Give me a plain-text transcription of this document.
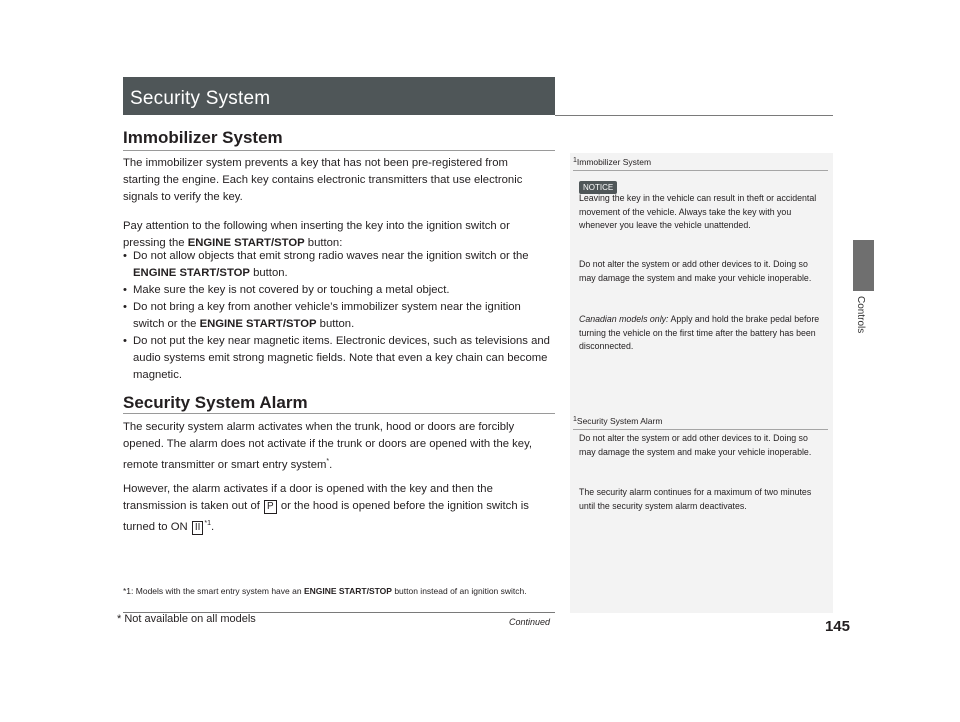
Security System
Controls
Immobilizer System

The immobilizer system prevents a key that has not been pre-registered from starting the engine. Each key contains electronic transmitters that use electronic signals to verify the key.

Pay attention to the following when inserting the key into the ignition switch or pressing the ENGINE START/STOP button:

• Do not allow objects that emit strong radio waves near the ignition switch or the ENGINE START/STOP button.
• Make sure the key is not covered by or touching a metal object.
• Do not bring a key from another vehicle’s immobilizer system near the ignition switch or the ENGINE START/STOP button.
• Do not put the key near magnetic items. Electronic devices, such as televisions and audio systems emit strong magnetic fields. Note that even a key chain can become magnetic.
Security System Alarm

The security system alarm activates when the trunk, hood or doors are forcibly opened. The alarm does not activate if the trunk or doors are opened with the key, remote transmitter or smart entry system*.

However, the alarm activates if a door is opened with the key and then the transmission is taken out of P or the hood is opened before the ignition switch is turned to ON II $^{*1}$.

*1: Models with the smart entry system have an ENGINE START/STOP button instead of an ignition switch.

$^1$Immobilizer System
NOTICE

Leaving the key in the vehicle can result in theft or accidental movement of the vehicle. Always take the key with you whenever you leave the vehicle unattended.

Do not alter the system or add other devices to it. Doing so may damage the system and make your vehicle inoperable.

Canadian models only: Apply and hold the brake pedal before turning the vehicle on the first time after the battery has been disconnected.

$^1$Security System Alarm

Do not alter the system or add other devices to it. Doing so may damage the system and make your vehicle inoperable.

The security alarm continues for a maximum of two minutes until the security system alarm deactivates.

* Not available on all models	Continued	145
